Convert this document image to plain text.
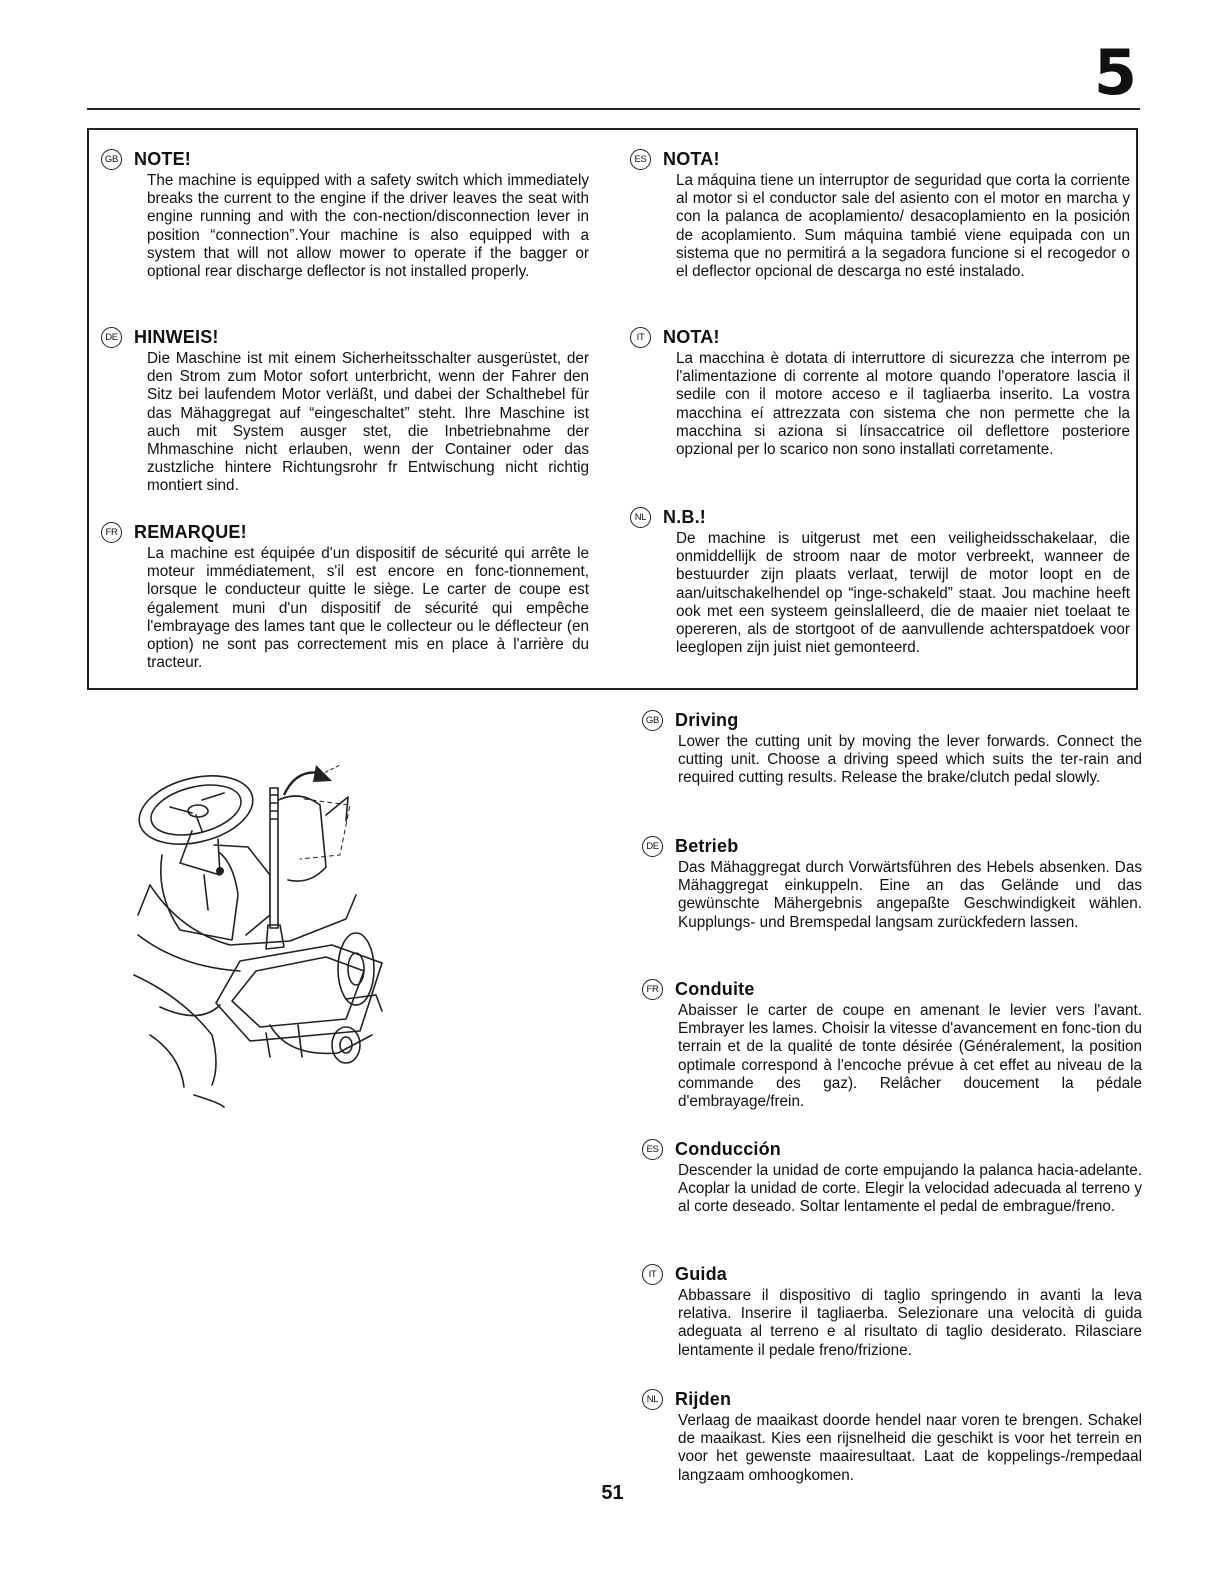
5
GB NOTE!

The machine is equipped with a safety switch which immediately breaks the current to the engine if the driver leaves the seat with engine running and with the con-nection/disconnection lever in position “connection”.Your machine is also equipped with a system that will not allow mower to operate if the bagger or optional rear discharge deflector is not installed properly.

DE HINWEIS!

Die Maschine ist mit einem Sicherheitsschalter ausgerüstet, der den Strom zum Motor sofort unterbricht, wenn der Fahrer den Sitz bei laufendem Motor verläßt, und dabei der Schalthebel für das Mähaggregat auf “eingeschaltet” steht. Ihre Maschine ist auch mit System ausger stet, die Inbetriebnahme der Mhmaschine nicht erlauben, wenn der Container oder das zustzliche hintere Richtungsrohr fr Entwischung nicht richtig montiert sind.

FR REMARQUE!

La machine est équipée d'un dispositif de sécurité qui arrête le moteur immédiatement, s'il est encore en fonc-tionnement, lorsque le conducteur quitte le siège. Le carter de coupe est également muni d'un dispositif de sécurité qui empêche l'embrayage des lames tant que le collecteur ou le déflecteur (en option) ne sont pas correctement mis en place à l'arrière du tracteur.

ES NOTA!

La máquina tiene un interruptor de seguridad que corta la corriente al motor si el conductor sale del asiento con el motor en marcha y con la palanca de acoplamiento/ desacoplamiento en la posición de acoplamiento. Sum máquina tambié viene equipada con un sistema que no permitirá a la segadora funcione si el recogedor o el deflector opcional de descarga no esté instalado.

IT	NOTA!

La macchina è dotata di interruttore di sicurezza che interrom pe l'alimentazione di corrente al motore quando l'operatore lascia il sedile con il motore acceso e il tagliaerba inserito. La vostra macchina eí attrezzata con sistema che non permette che la macchina si aziona si línsaccatrice oil deflettore posteriore opzional per lo scarico non sono installati corretamente.

NL N.B.!

De machine is uitgerust met een veiligheidsschakelaar, die onmiddellijk de stroom naar de motor verbreekt, wanneer de bestuurder zijn plaats verlaat, terwijl de motor loopt en de aan/uitschakelhendel op “inge-schakeld” staat. Jou machine heeft ook met een systeem geinslalleerd, die de maaier niet toelaat te opereren, als de stortgoot of de aanvullende achterspatdoek voor leeglopen zijn juist niet gemonteerd.

GB Driving

Lower the cutting unit by moving the lever forwards. Connect the cutting unit. Choose a driving speed which suits the ter-rain and required cutting results. Release the brake/clutch pedal slowly.

DE Betrieb

Das Mähaggregat durch Vorwärtsführen des Hebels absenken. Das Mähaggregat einkuppeln. Eine an das Gelände und das gewünschte Mähergebnis angepaßte Geschwindigkeit wählen. Kupplungs- und Bremspedal langsam zurückfedern lassen.

FR Conduite

Abaisser le carter de coupe en amenant le levier vers l'avant. Embrayer les lames. Choisir la vitesse d'avancement en fonc-tion du terrain et de la qualité de tonte désirée (Généralement, la position optimale correspond à l'encoche prévue à cet effet au niveau de la commande des gaz). Relâcher doucement la pédale d'embrayage/frein.

ES Conducción

Descender la unidad de corte empujando la palanca hacia-adelante. Acoplar la unidad de corte. Elegir la velocidad adecuada al terreno y al corte deseado. Soltar lentamente el pedal de embrague/freno.

IT	Guida

Abbassare il dispositivo di taglio springendo in avanti la leva relativa. Inserire il tagliaerba. Selezionare una velocità di guida adeguata al terreno e al risultato di taglio desiderato. Rilasciare lentamente il pedale freno/frizione.

NL Rijden

Verlaag de maaikast doorde hendel naar voren te brengen. Schakel de maaikast. Kies een rijsnelheid die geschikt is voor het terrein en voor het gewenste maairesultaat. Laat de koppelings-/rempedaal langzaam omhoogkomen.

51
